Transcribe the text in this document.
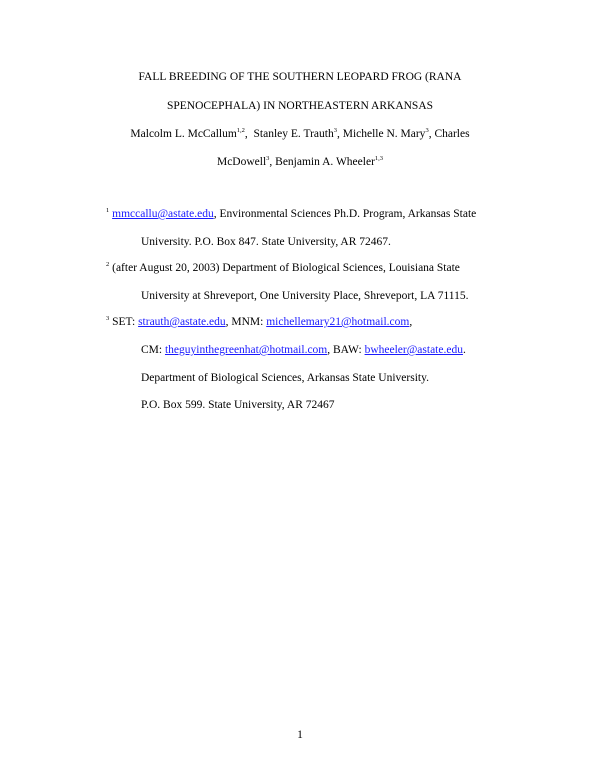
FALL BREEDING OF THE SOUTHERN LEOPARD FROG (RANA
SPENOCEPHALA) IN NORTHEASTERN ARKANSAS
Malcolm L. McCallum$^{1,2}$,  Stanley E. Trauth$^3$, Michelle N. Mary$^3$, Charles
McDowell$^3$, Benjamin A. Wheeler$^{1,3}$
$^1$ mmccallu@astate.edu, Environmental Sciences Ph.D. Program, Arkansas State
University. P.O. Box 847. State University, AR 72467.
$^2$ (after August 20, 2003) Department of Biological Sciences, Louisiana State
University at Shreveport, One University Place, Shreveport, LA 71115.
$^3$ SET: strauth@astate.edu, MNM: michellemary21@hotmail.com,
CM: theguyinthegreenhat@hotmail.com, BAW: bwheeler@astate.edu.
Department of Biological Sciences, Arkansas State University.
P.O. Box 599. State University, AR 72467
1
